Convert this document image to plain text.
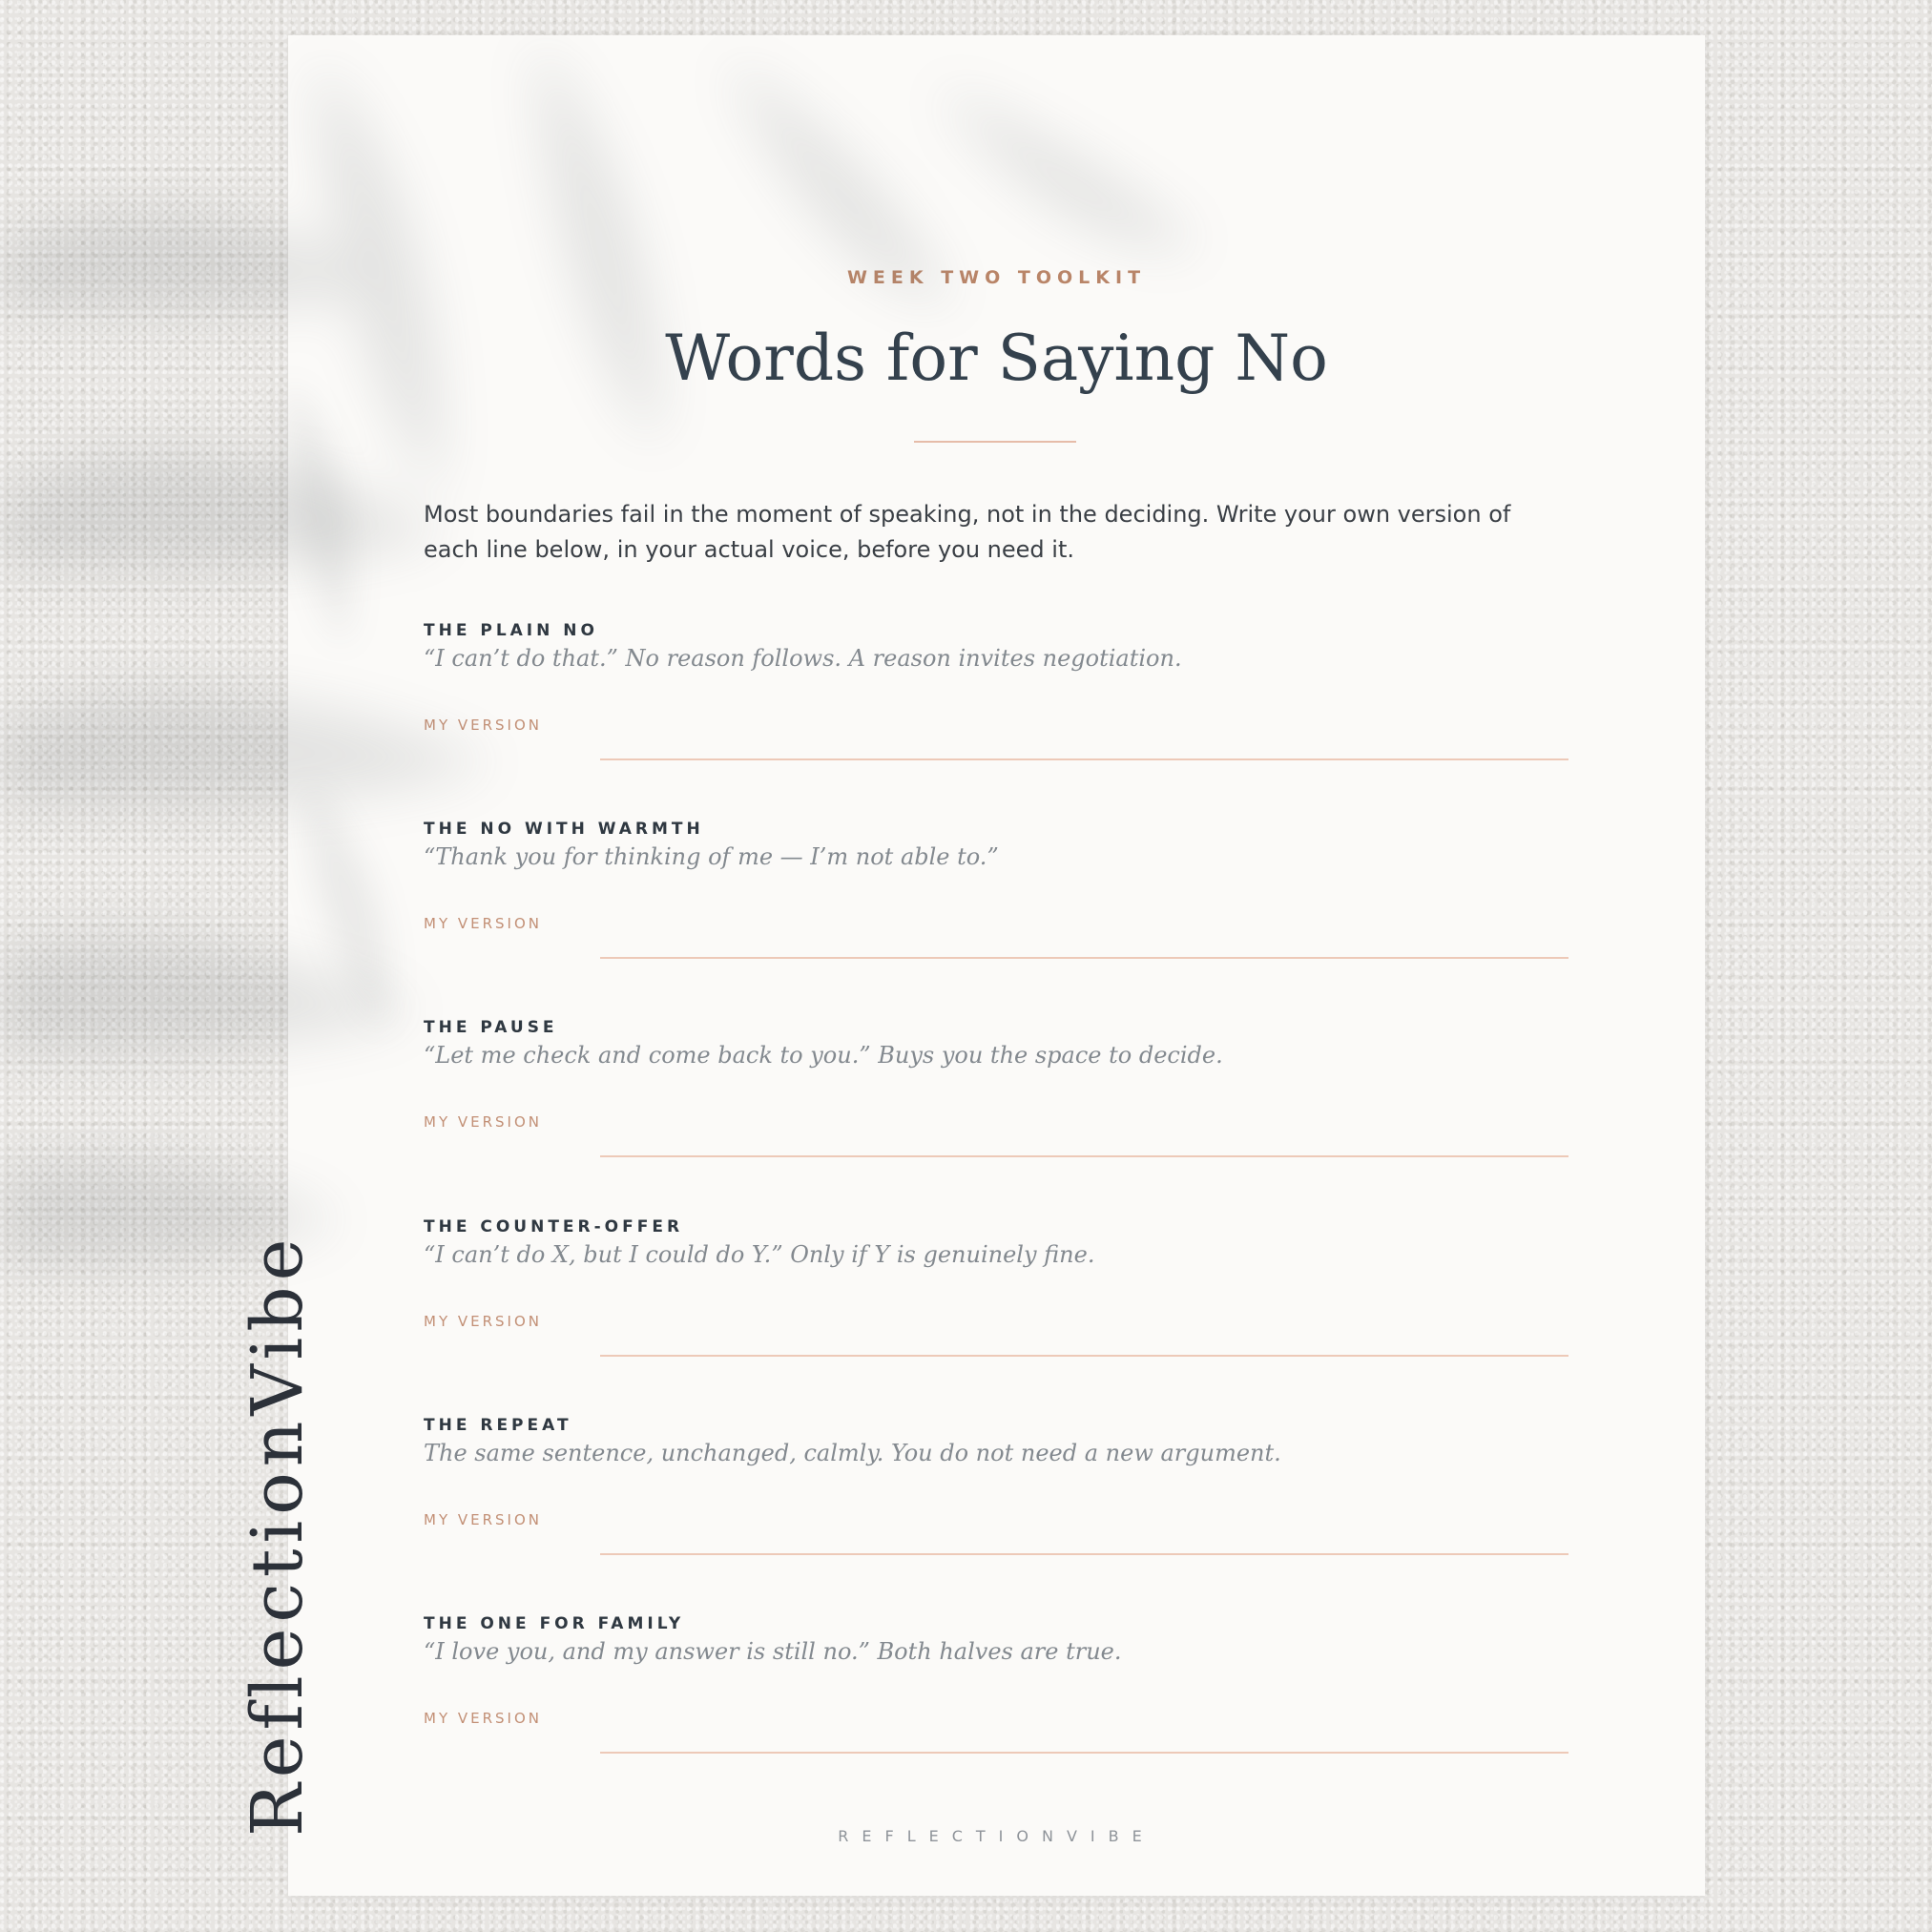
WEEK TWO TOOLKIT
Words for Saying No
Most boundaries fail in the moment of speaking, not in the deciding. Write your own version of each line below, in your actual voice, before you need it.
THE PLAIN NO
“I can’t do that.” No reason follows. A reason invites negotiation.
MY VERSION
THE NO WITH WARMTH
“Thank you for thinking of me — I’m not able to.”
MY VERSION
THE PAUSE
“Let me check and come back to you.” Buys you the space to decide.
MY VERSION
THE COUNTER-OFFER
“I can’t do X, but I could do Y.” Only if Y is genuinely fine.
MY VERSION
THE REPEAT
The same sentence, unchanged, calmly. You do not need a new argument.
MY VERSION
THE ONE FOR FAMILY
“I love you, and my answer is still no.” Both halves are true.
MY VERSION
REFLECTIONVIBE
ReflectionVibe
